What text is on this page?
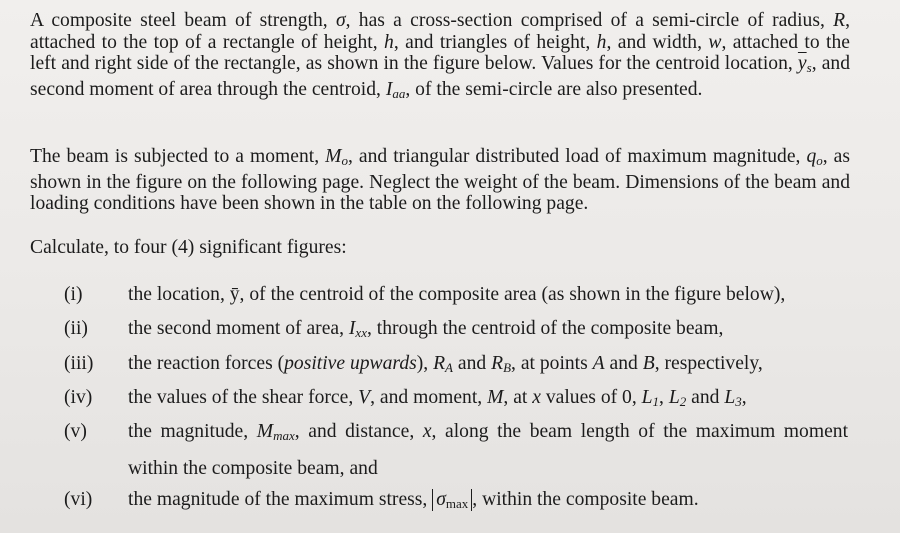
A composite steel beam of strength, σ, has a cross-section comprised of a semi-circle of radius, R, attached to the top of a rectangle of height, h, and triangles of height, h, and width, w, attached to the left and right side of the rectangle, as shown in the figure below. Values for the centroid location, $\overline{y}_s$, and second moment of area through the centroid, $I_{aa}$, of the semi-circle are also presented.

The beam is subjected to a moment, $M_o$, and triangular distributed load of maximum magnitude, $q_o$, as shown in the figure on the following page. Neglect the weight of the beam. Dimensions of the beam and loading conditions have been shown in the table on the following page.

Calculate, to four (4) significant figures:

(i) the location, ȳ, of the centroid of the composite area (as shown in the figure below),
(ii) the second moment of area, $I_{xx}$, through the centroid of the composite beam,
(iii) the reaction forces (positive upwards), $R_A$ and $R_B$, at points A and B, respectively,
(iv) the values of the shear force, V, and moment, M, at x values of 0, $L_1$, $L_2$ and $L_3$,
(v) the magnitude, $M_{max}$, and distance, x, along the beam length of the maximum moment within the composite beam, and
(vi) the magnitude of the maximum stress, $\sigma_{max}$ , within the composite beam.
